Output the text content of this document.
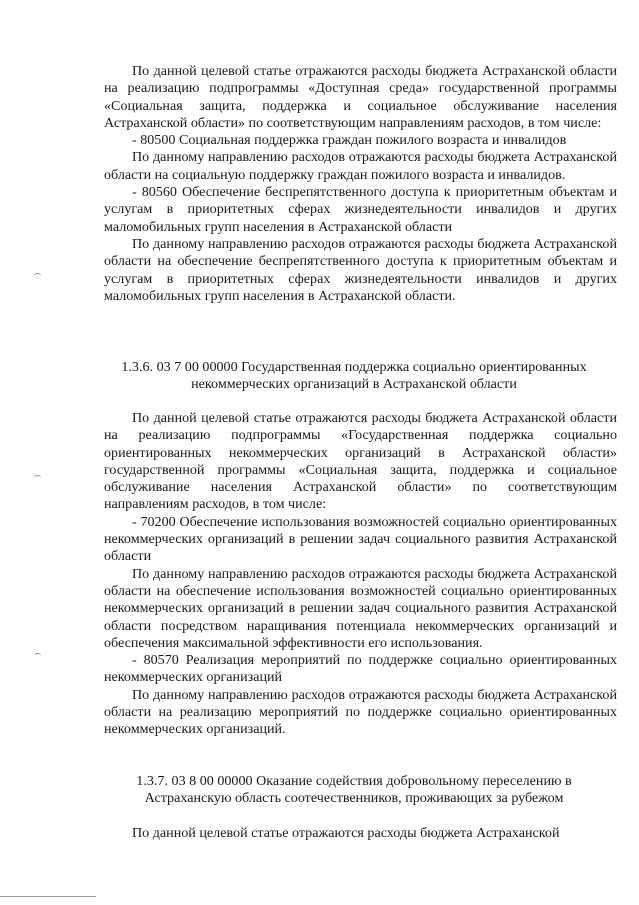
По данной целевой статье отражаются расходы бюджета Астраханской области на реализацию подпрограммы «Доступная среда» государственной программы «Социальная защита, поддержка и социальное обслуживание населения Астраханской области» по соответствующим направлениям расходов, в том числе:

- 80500 Социальная поддержка граждан пожилого возраста и инвалидов

По данному направлению расходов отражаются расходы бюджета Астраханской области на социальную поддержку граждан пожилого возраста и инвалидов.

- 80560 Обеспечение беспрепятственного доступа к приоритетным объектам и услугам в приоритетных сферах жизнедеятельности инвалидов и других маломобильных групп населения в Астраханской области

По данному направлению расходов отражаются расходы бюджета Астраханской области на обеспечение беспрепятственного доступа к приоритетным объектам и услугам в приоритетных сферах жизнедеятельности инвалидов и других маломобильных групп населения в Астраханской области.

1.3.6. 03 7 00 00000 Государственная поддержка социально ориентированных
некоммерческих организаций в Астраханской области

По данной целевой статье отражаются расходы бюджета Астраханской области на реализацию подпрограммы «Государственная поддержка социально ориентированных некоммерческих организаций в Астраханской области» государственной программы «Социальная защита, поддержка и социальное обслуживание населения Астраханской области» по соответствующим направлениям расходов, в том числе:

- 70200 Обеспечение использования возможностей социально ориентированных некоммерческих организаций в решении задач социального развития Астраханской области

По данному направлению расходов отражаются расходы бюджета Астраханской области на обеспечение использования возможностей социально ориентированных некоммерческих организаций в решении задач социального развития Астраханской области посредством наращивания потенциала некоммерческих организаций и обеспечения максимальной эффективности его использования.

- 80570 Реализация мероприятий по поддержке социально ориентированных некоммерческих организаций

По данному направлению расходов отражаются расходы бюджета Астраханской области на реализацию мероприятий по поддержке социально ориентированных некоммерческих организаций.

1.3.7. 03 8 00 00000 Оказание содействия добровольному переселению в
Астраханскую область соотечественников, проживающих за рубежом

По данной целевой статье отражаются расходы бюджета Астраханской
